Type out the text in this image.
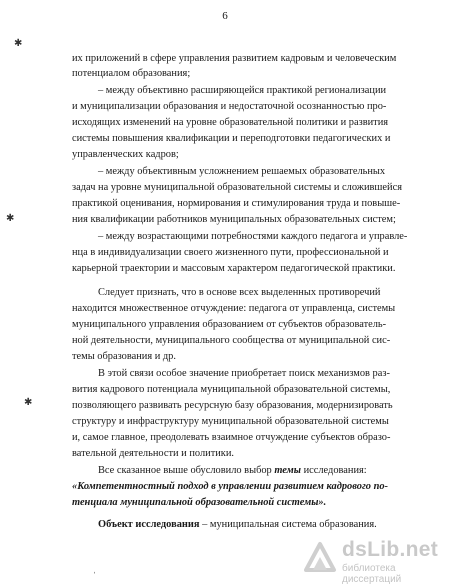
6
✱
✱
✱
их приложений в сфере управления развитием кадровым и человеческим
потенциалом образования;
– между объективно расширяющейся практикой регионализации
и муниципализации образования и недостаточной осознанностью про-
исходящих изменений на уровне образовательной политики и развития
системы повышения квалификации и переподготовки педагогических и
управленческих кадров;
– между объективным усложнением решаемых образовательных
задач на уровне муниципальной образовательной системы и сложившейся
практикой оценивания, нормирования и стимулирования труда и повыше-
ния квалификации работников муниципальных образовательных систем;
– между возрастающими потребностями каждого педагога и управле-
нца в индивидуализации своего жизненного пути, профессиональной и
карьерной траектории и массовым характером педагогической практики.
Следует признать, что в основе всех выделенных противоречий
находится множественное отчуждение: педагога от управленца, системы
муниципального управления образованием от субъектов образователь-
ной деятельности, муниципального сообщества от муниципальной сис-
темы образования и др.
В этой связи особое значение приобретает поиск механизмов раз-
вития кадрового потенциала муниципальной образовательной системы,
позволяющего развивать ресурсную базу образования, модернизировать
структуру и инфраструктуру муниципальной образовательной системы
и, самое главное, преодолевать взаимное отчуждение субъектов образо-
вательной деятельности и политики.
Все сказанное выше обусловило выбор темы исследования:
«Компетентностный подход в управлении развитием кадрового по-
тенциала муниципальной образовательной системы».
Объект исследования – муниципальная система образования.
ˌ
dsLib.net
библиотека диссертаций
